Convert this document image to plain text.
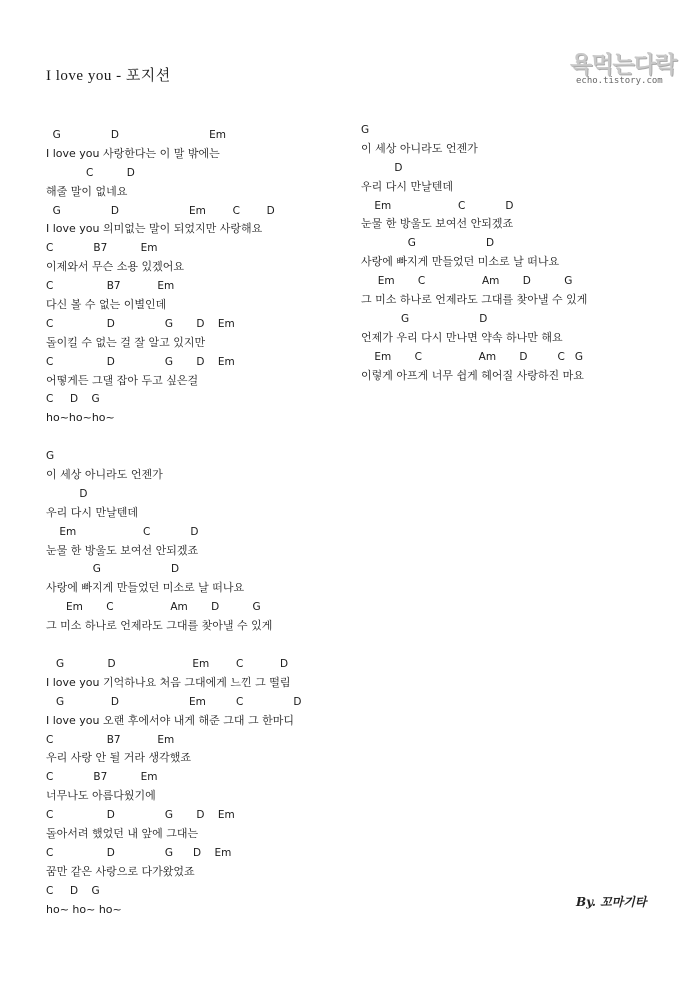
I love you - 포지션	욕먹는다락
echo.tistory.com
G               D                           Em
I love you 사랑한다는 이 말 밖에는
C          D
해줄 말이 없네요
G               D                     Em        C        D
I love you 의미없는 말이 되었지만 사랑해요
C            B7          Em
이제와서 무슨 소용 있겠어요
C                B7           Em
다신 볼 수 없는 이별인데
C                D               G       D    Em
돌이킬 수 없는 걸 잘 알고 있지만
C                D               G       D    Em
어떻게든 그댈 잡아 두고 싶은걸
C     D    G
ho~ho~ho~
G
이 세상 아니라도 언젠가
D
우리 다시 만날텐데
Em                    C            D
눈물 한 방울도 보여선 안되겠죠
G                     D
사랑에 빠지게 만들었던 미소로 날 떠나요
Em       C                 Am       D          G
그 미소 하나로 언제라도 그대를 찾아낼 수 있게
G             D                       Em        C           D
I love you 기억하나요 처음 그대에게 느낀 그 떨림
G              D                     Em         C               D
I love you 오랜 후에서야 내게 해준 그대 그 한마디
C                B7           Em
우리 사랑 안 될 거라 생각했죠
C            B7          Em
너무나도 아름다웠기에
C                D               G       D    Em
돌아서려 했었던 내 앞에 그대는
C                D               G      D    Em
꿈만 같은 사랑으로 다가왔었죠
C     D    G
ho~ ho~ ho~
G
이 세상 아니라도 언젠가
D
우리 다시 만날텐데
Em                    C            D
눈물 한 방울도 보여선 안되겠죠
G                     D
사랑에 빠지게 만들었던 미소로 날 떠나요
Em       C                 Am       D          G
그 미소 하나로 언제라도 그대를 찾아낼 수 있게
G                     D
언제가 우리 다시 만나면 약속 하나만 해요
Em       C                 Am       D         C   G
이렇게 아프게 너무 쉽게 헤어질 사랑하진 마요
By. 꼬마기타
